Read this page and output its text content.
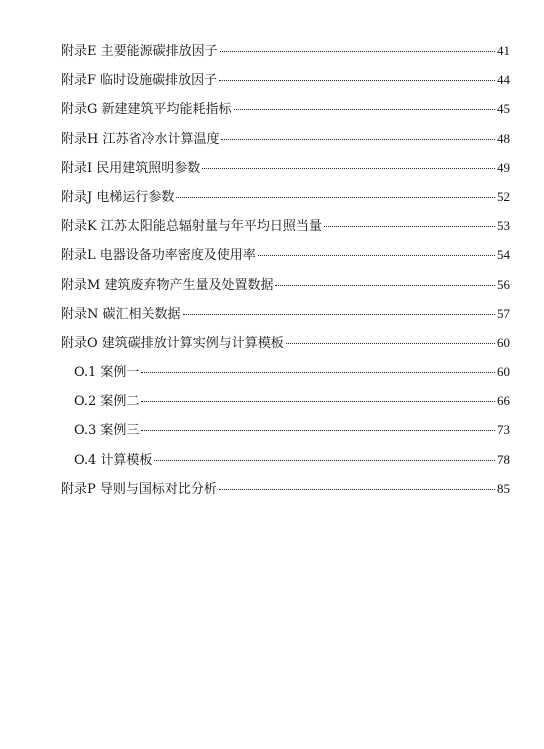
附录E 主要能源碳排放因子	41
附录F 临时设施碳排放因子	44
附录G 新建建筑平均能耗指标	45
附录H 江苏省冷水计算温度	48
附录I 民用建筑照明参数	49
附录J 电梯运行参数	52
附录K 江苏太阳能总辐射量与年平均日照当量	53
附录L 电器设备功率密度及使用率	54
附录M 建筑废弃物产生量及处置数据	56
附录N 碳汇相关数据	57
附录O 建筑碳排放计算实例与计算模板	60
O.1 案例一	60
O.2 案例二	66
O.3 案例三	73
O.4 计算模板	78
附录P 导则与国标对比分析	85
